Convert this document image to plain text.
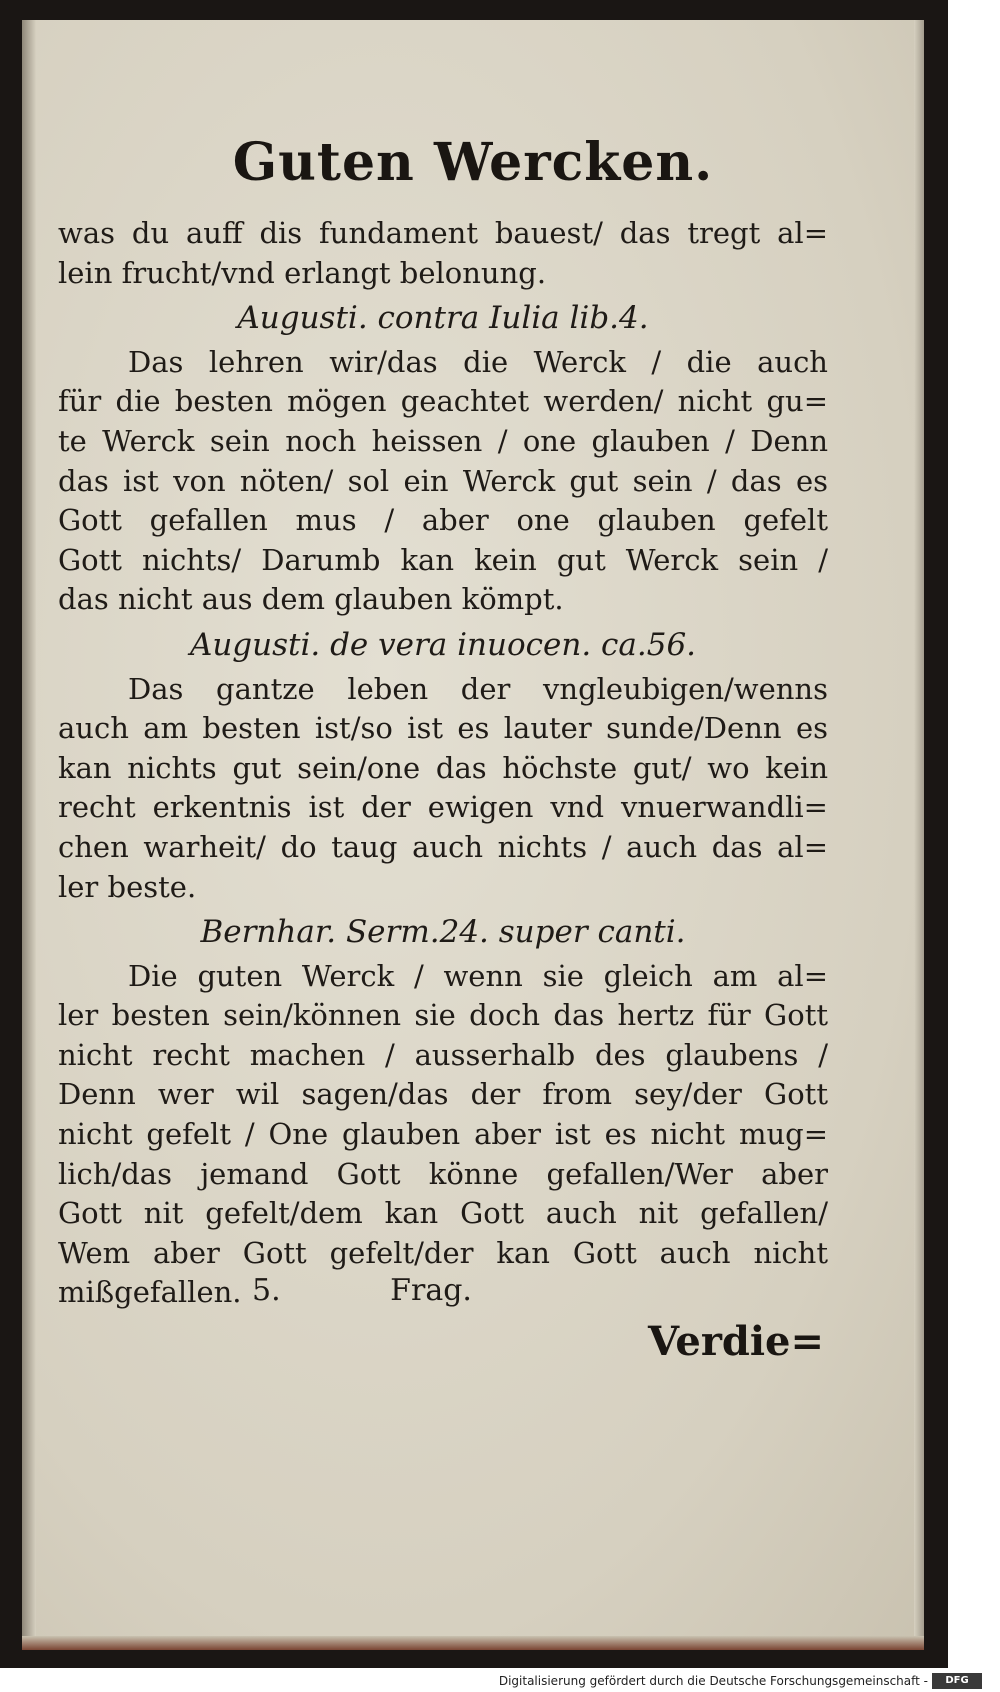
Guten Wercken.
was du auff dis fundament bauest/ das tregt al=
lein frucht/vnd erlangt belonung.
Augusti. contra Iulia lib.4.
Das lehren wir/das die Werck / die auch
für die besten mögen geachtet werden/ nicht gu=
te Werck sein noch heissen / one glauben / Denn
das ist von nöten/ sol ein Werck gut sein / das es
Gott gefallen mus / aber one glauben gefelt
Gott nichts/ Darumb kan kein gut Werck sein /
das nicht aus dem glauben kömpt.
Augusti. de vera inuocen. ca.56.
Das gantze leben der vngleubigen/wenns
auch am besten ist/so ist es lauter sunde/Denn es
kan nichts gut sein/one das höchste gut/ wo kein
recht erkentnis ist der ewigen vnd vnuerwandli=
chen warheit/ do taug auch nichts / auch das al=
ler beste.
Bernhar. Serm.24. super canti.
Die guten Werck / wenn sie gleich am al=
ler besten sein/können sie doch das hertz für Gott
nicht recht machen / ausserhalb des glaubens /
Denn wer wil sagen/das der from sey/der Gott
nicht gefelt / One glauben aber ist es nicht mug=
lich/das jemand Gott könne gefallen/Wer aber
Gott nit gefelt/dem kan Gott auch nit gefallen/
Wem aber Gott gefelt/der kan Gott auch nicht
mißgefallen. 5.	Frag.
Verdie=
Digitalisierung gefördert durch die Deutsche Forschungsgemeinschaft -	DFG
